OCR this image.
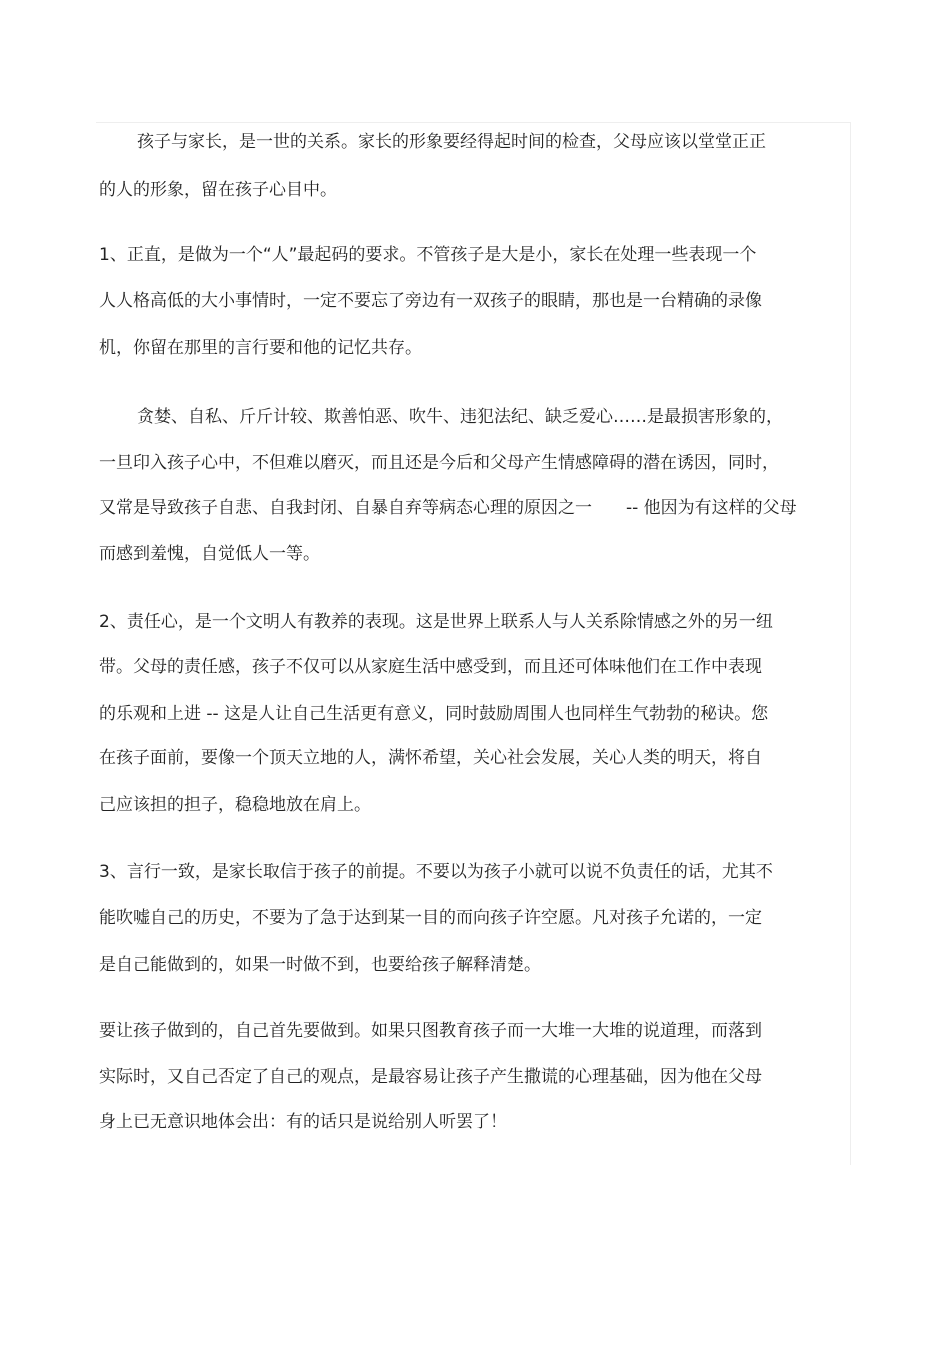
孩子与家长，是一世的关系。家长的形象要经得起时间的检查，父母应该以堂堂正正
的人的形象，留在孩子心目中。
1、正直，是做为一个“人”最起码的要求。不管孩子是大是小，家长在处理一些表现一个
人人格高低的大小事情时，一定不要忘了旁边有一双孩子的眼睛，那也是一台精确的录像
机，你留在那里的言行要和他的记忆共存。
贪婪、自私、斤斤计较、欺善怕恶、吹牛、违犯法纪、缺乏爱心……是最损害形象的，
一旦印入孩子心中，不但难以磨灭，而且还是今后和父母产生情感障碍的潜在诱因，同时，
又常是导致孩子自悲、自我封闭、自暴自弃等病态心理的原因之一　　-- 他因为有这样的父母
而感到羞愧，自觉低人一等。
2、责任心，是一个文明人有教养的表现。这是世界上联系人与人关系除情感之外的另一纽
带。父母的责任感，孩子不仅可以从家庭生活中感受到，而且还可体味他们在工作中表现
的乐观和上进 -- 这是人让自己生活更有意义，同时鼓励周围人也同样生气勃勃的秘诀。您
在孩子面前，要像一个顶天立地的人，满怀希望，关心社会发展，关心人类的明天，将自
己应该担的担子，稳稳地放在肩上。
3、言行一致，是家长取信于孩子的前提。不要以为孩子小就可以说不负责任的话，尤其不
能吹嘘自己的历史，不要为了急于达到某一目的而向孩子许空愿。凡对孩子允诺的，一定
是自己能做到的，如果一时做不到，也要给孩子解释清楚。
要让孩子做到的，自己首先要做到。如果只图教育孩子而一大堆一大堆的说道理，而落到
实际时，又自己否定了自己的观点，是最容易让孩子产生撒谎的心理基础，因为他在父母
身上已无意识地体会出：有的话只是说给别人听罢了！
